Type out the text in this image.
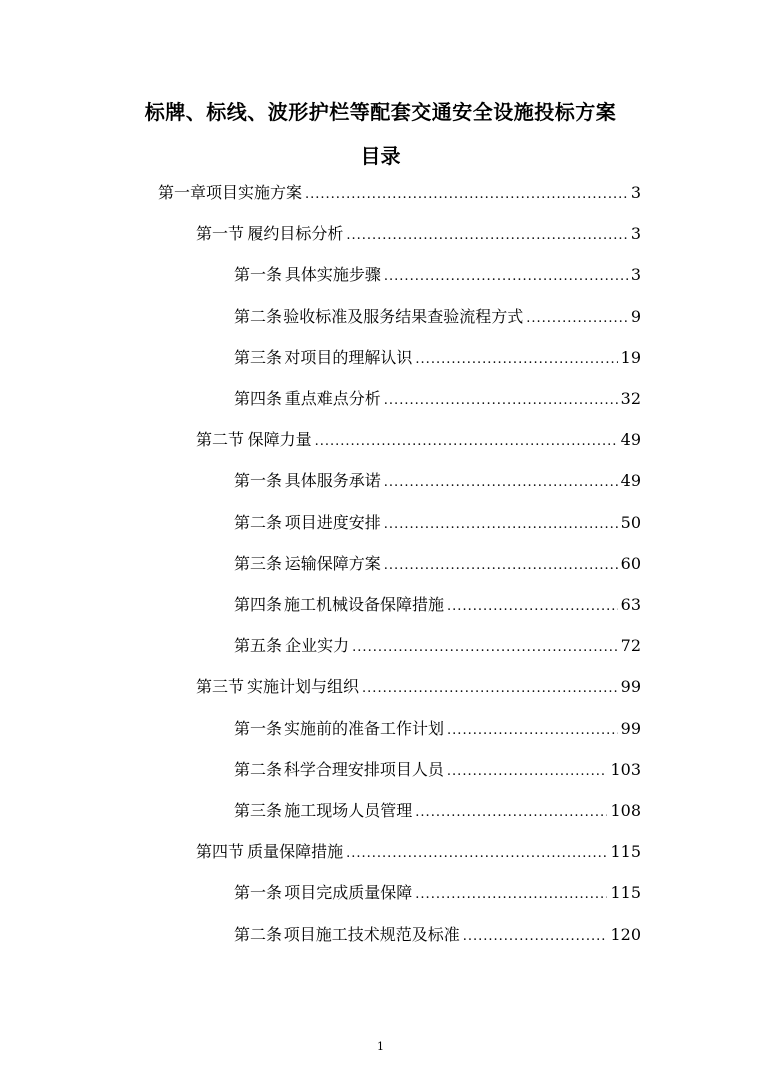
标牌、标线、波形护栏等配套交通安全设施投标方案
目录
第一章项目实施方案 .....	3
第一节 履约目标分析 .....	3
第一条 具体实施步骤 .....	3
第二条 验收标准及服务结果查验流程方式 .....	9
第三条 对项目的理解认识 .....	19
第四条 重点难点分析 .....	32
第二节 保障力量 .....	49
第一条 具体服务承诺 .....	49
第二条 项目进度安排 .....	50
第三条 运输保障方案 .....	60
第四条 施工机械设备保障措施 .....	63
第五条 企业实力 .....	72
第三节 实施计划与组织 .....	99
第一条 实施前的准备工作计划 .....	99
第二条 科学合理安排项目人员 .....	103
第三条 施工现场人员管理 .....	108
第四节 质量保障措施 .....	115
第一条 项目完成质量保障 .....	115
第二条 项目施工技术规范及标准 .....	120
1
